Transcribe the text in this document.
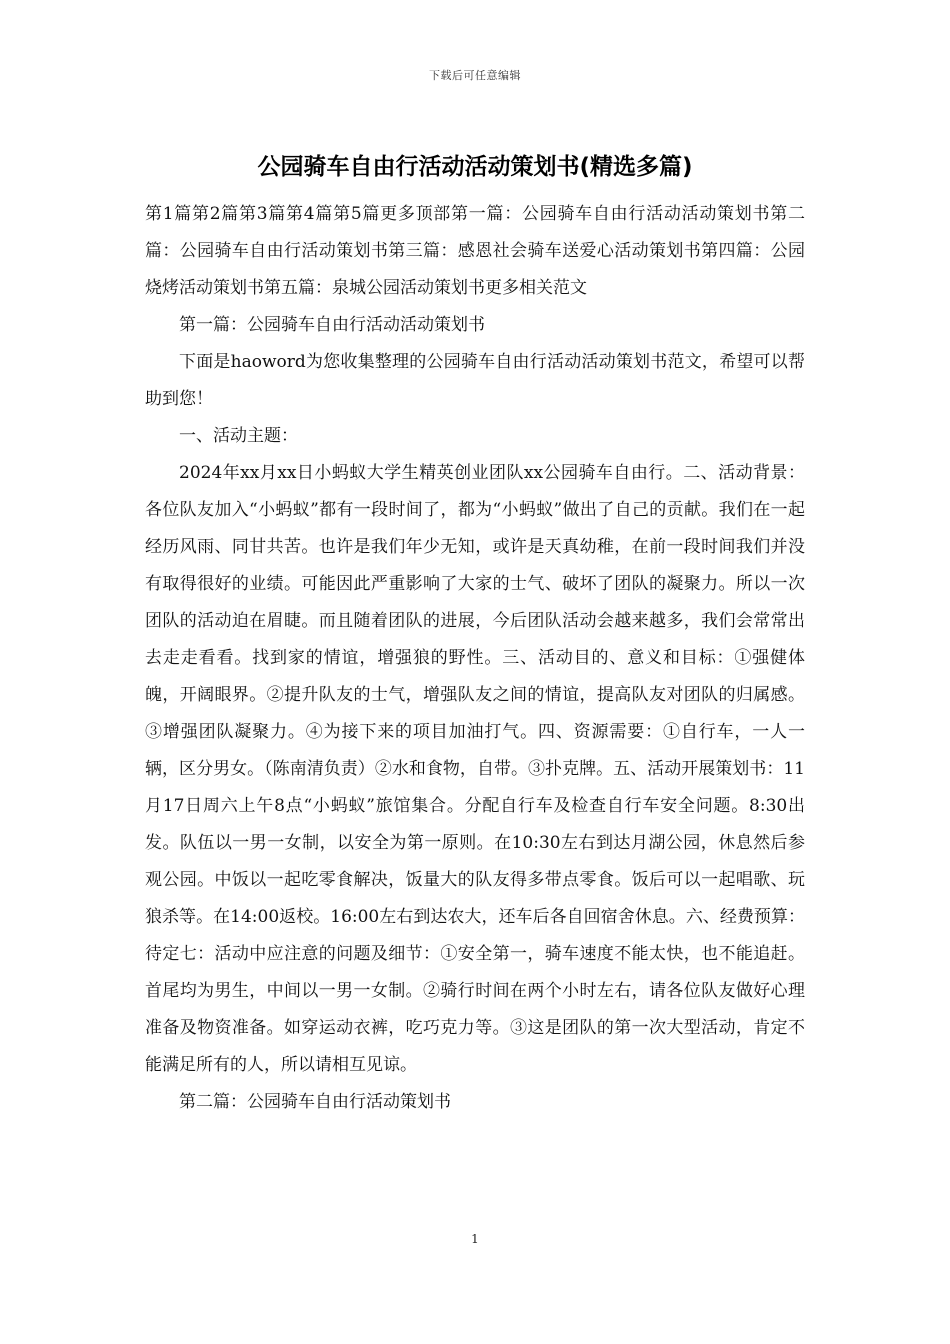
下载后可任意编辑
公园骑车自由行活动活动策划书(精选多篇)

第1篇第2篇第3篇第4篇第5篇更多顶部第一篇：公园骑车自由行活动活动策划书第二篇：公园骑车自由行活动策划书第三篇：感恩社会骑车送爱心活动策划书第四篇：公园烧烤活动策划书第五篇：泉城公园活动策划书更多相关范文

第一篇：公园骑车自由行活动活动策划书

下面是haoword为您收集整理的公园骑车自由行活动活动策划书范文，希望可以帮助到您！

一、活动主题：

2024年xx月xx日小蚂蚁大学生精英创业团队xx公园骑车自由行。二、活动背景：各位队友加入“小蚂蚁”都有一段时间了，都为“小蚂蚁”做出了自己的贡献。我们在一起经历风雨、同甘共苦。也许是我们年少无知，或许是天真幼稚，在前一段时间我们并没有取得很好的业绩。可能因此严重影响了大家的士气、破坏了团队的凝聚力。所以一次团队的活动迫在眉睫。而且随着团队的进展，今后团队活动会越来越多，我们会常常出去走走看看。找到家的情谊，增强狼的野性。三、活动目的、意义和目标：①强健体魄，开阔眼界。②提升队友的士气，增强队友之间的情谊，提高队友对团队的归属感。③增强团队凝聚力。④为接下来的项目加油打气。四、资源需要：①自行车，一人一辆，区分男女。（陈南清负责）②水和食物，自带。③扑克牌。五、活动开展策划书：11月17日周六上午8点“小蚂蚁”旅馆集合。分配自行车及检查自行车安全问题。8:30出发。队伍以一男一女制，以安全为第一原则。在10:30左右到达月湖公园，休息然后参观公园。中饭以一起吃零食解决，饭量大的队友得多带点零食。饭后可以一起唱歌、玩狼杀等。在14:00返校。16:00左右到达农大，还车后各自回宿舍休息。六、经费预算：待定七：活动中应注意的问题及细节：①安全第一，骑车速度不能太快，也不能追赶。首尾均为男生，中间以一男一女制。②骑行时间在两个小时左右，请各位队友做好心理准备及物资准备。如穿运动衣裤，吃巧克力等。③这是团队的第一次大型活动，肯定不能满足所有的人，所以请相互见谅。

第二篇：公园骑车自由行活动策划书

1
